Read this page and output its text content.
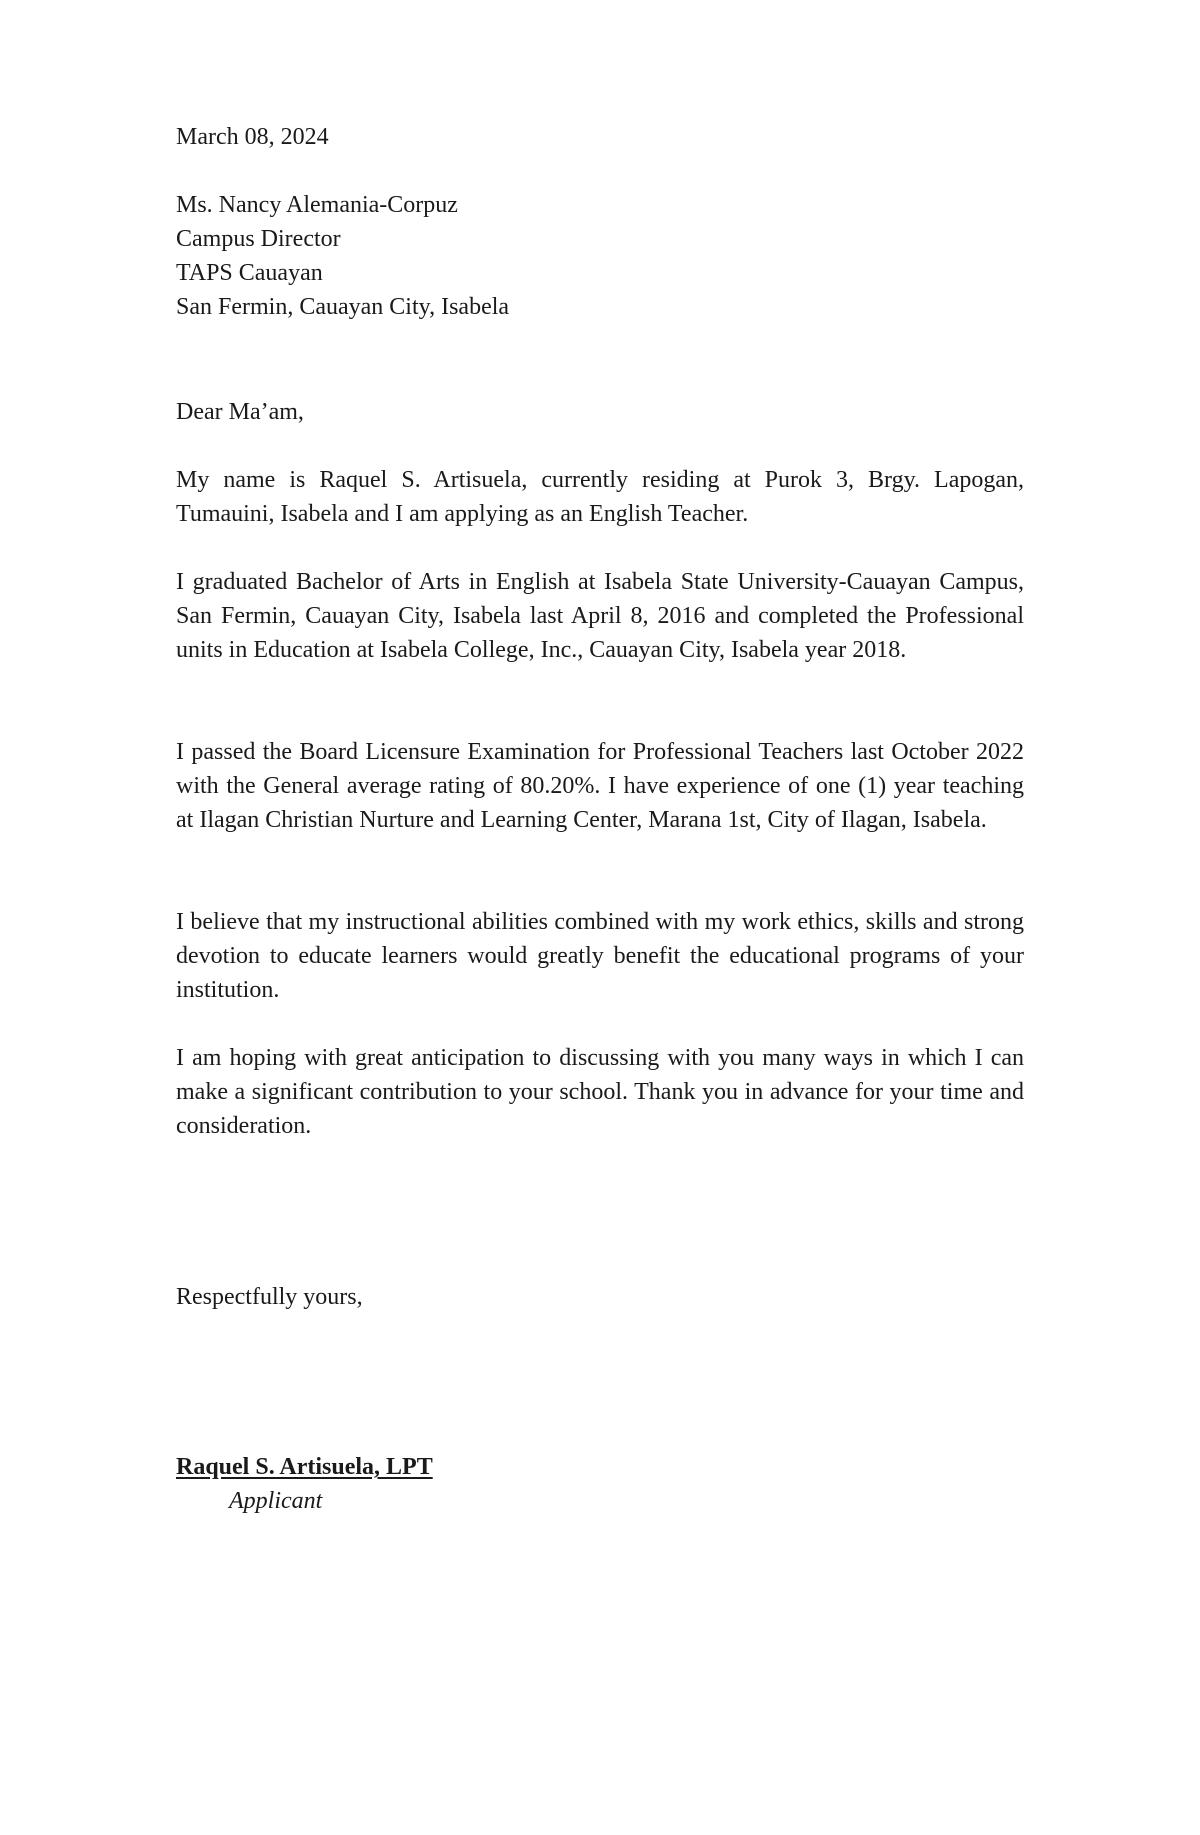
March 08, 2024

Ms. Nancy Alemania-Corpuz
Campus Director
TAPS Cauayan
San Fermin, Cauayan City, Isabela

Dear Ma’am,

My name is Raquel S. Artisuela, currently residing at Purok 3, Brgy. Lapogan, Tumauini, Isabela and I am applying as an English Teacher.

I graduated Bachelor of Arts in English at Isabela State University-Cauayan Campus, San Fermin, Cauayan City, Isabela last April 8, 2016 and completed the Professional units in Education at Isabela College, Inc., Cauayan City, Isabela year 2018.

I passed the Board Licensure Examination for Professional Teachers last October 2022 with the General average rating of 80.20%. I have experience of one (1) year teaching at Ilagan Christian Nurture and Learning Center, Marana 1st, City of Ilagan, Isabela.

I believe that my instructional abilities combined with my work ethics, skills and strong devotion to educate learners would greatly benefit the educational programs of your institution.

I am hoping with great anticipation to discussing with you many ways in which I can make a significant contribution to your school. Thank you in advance for your time and consideration.

Respectfully yours,

Raquel S. Artisuela, LPT
Applicant
